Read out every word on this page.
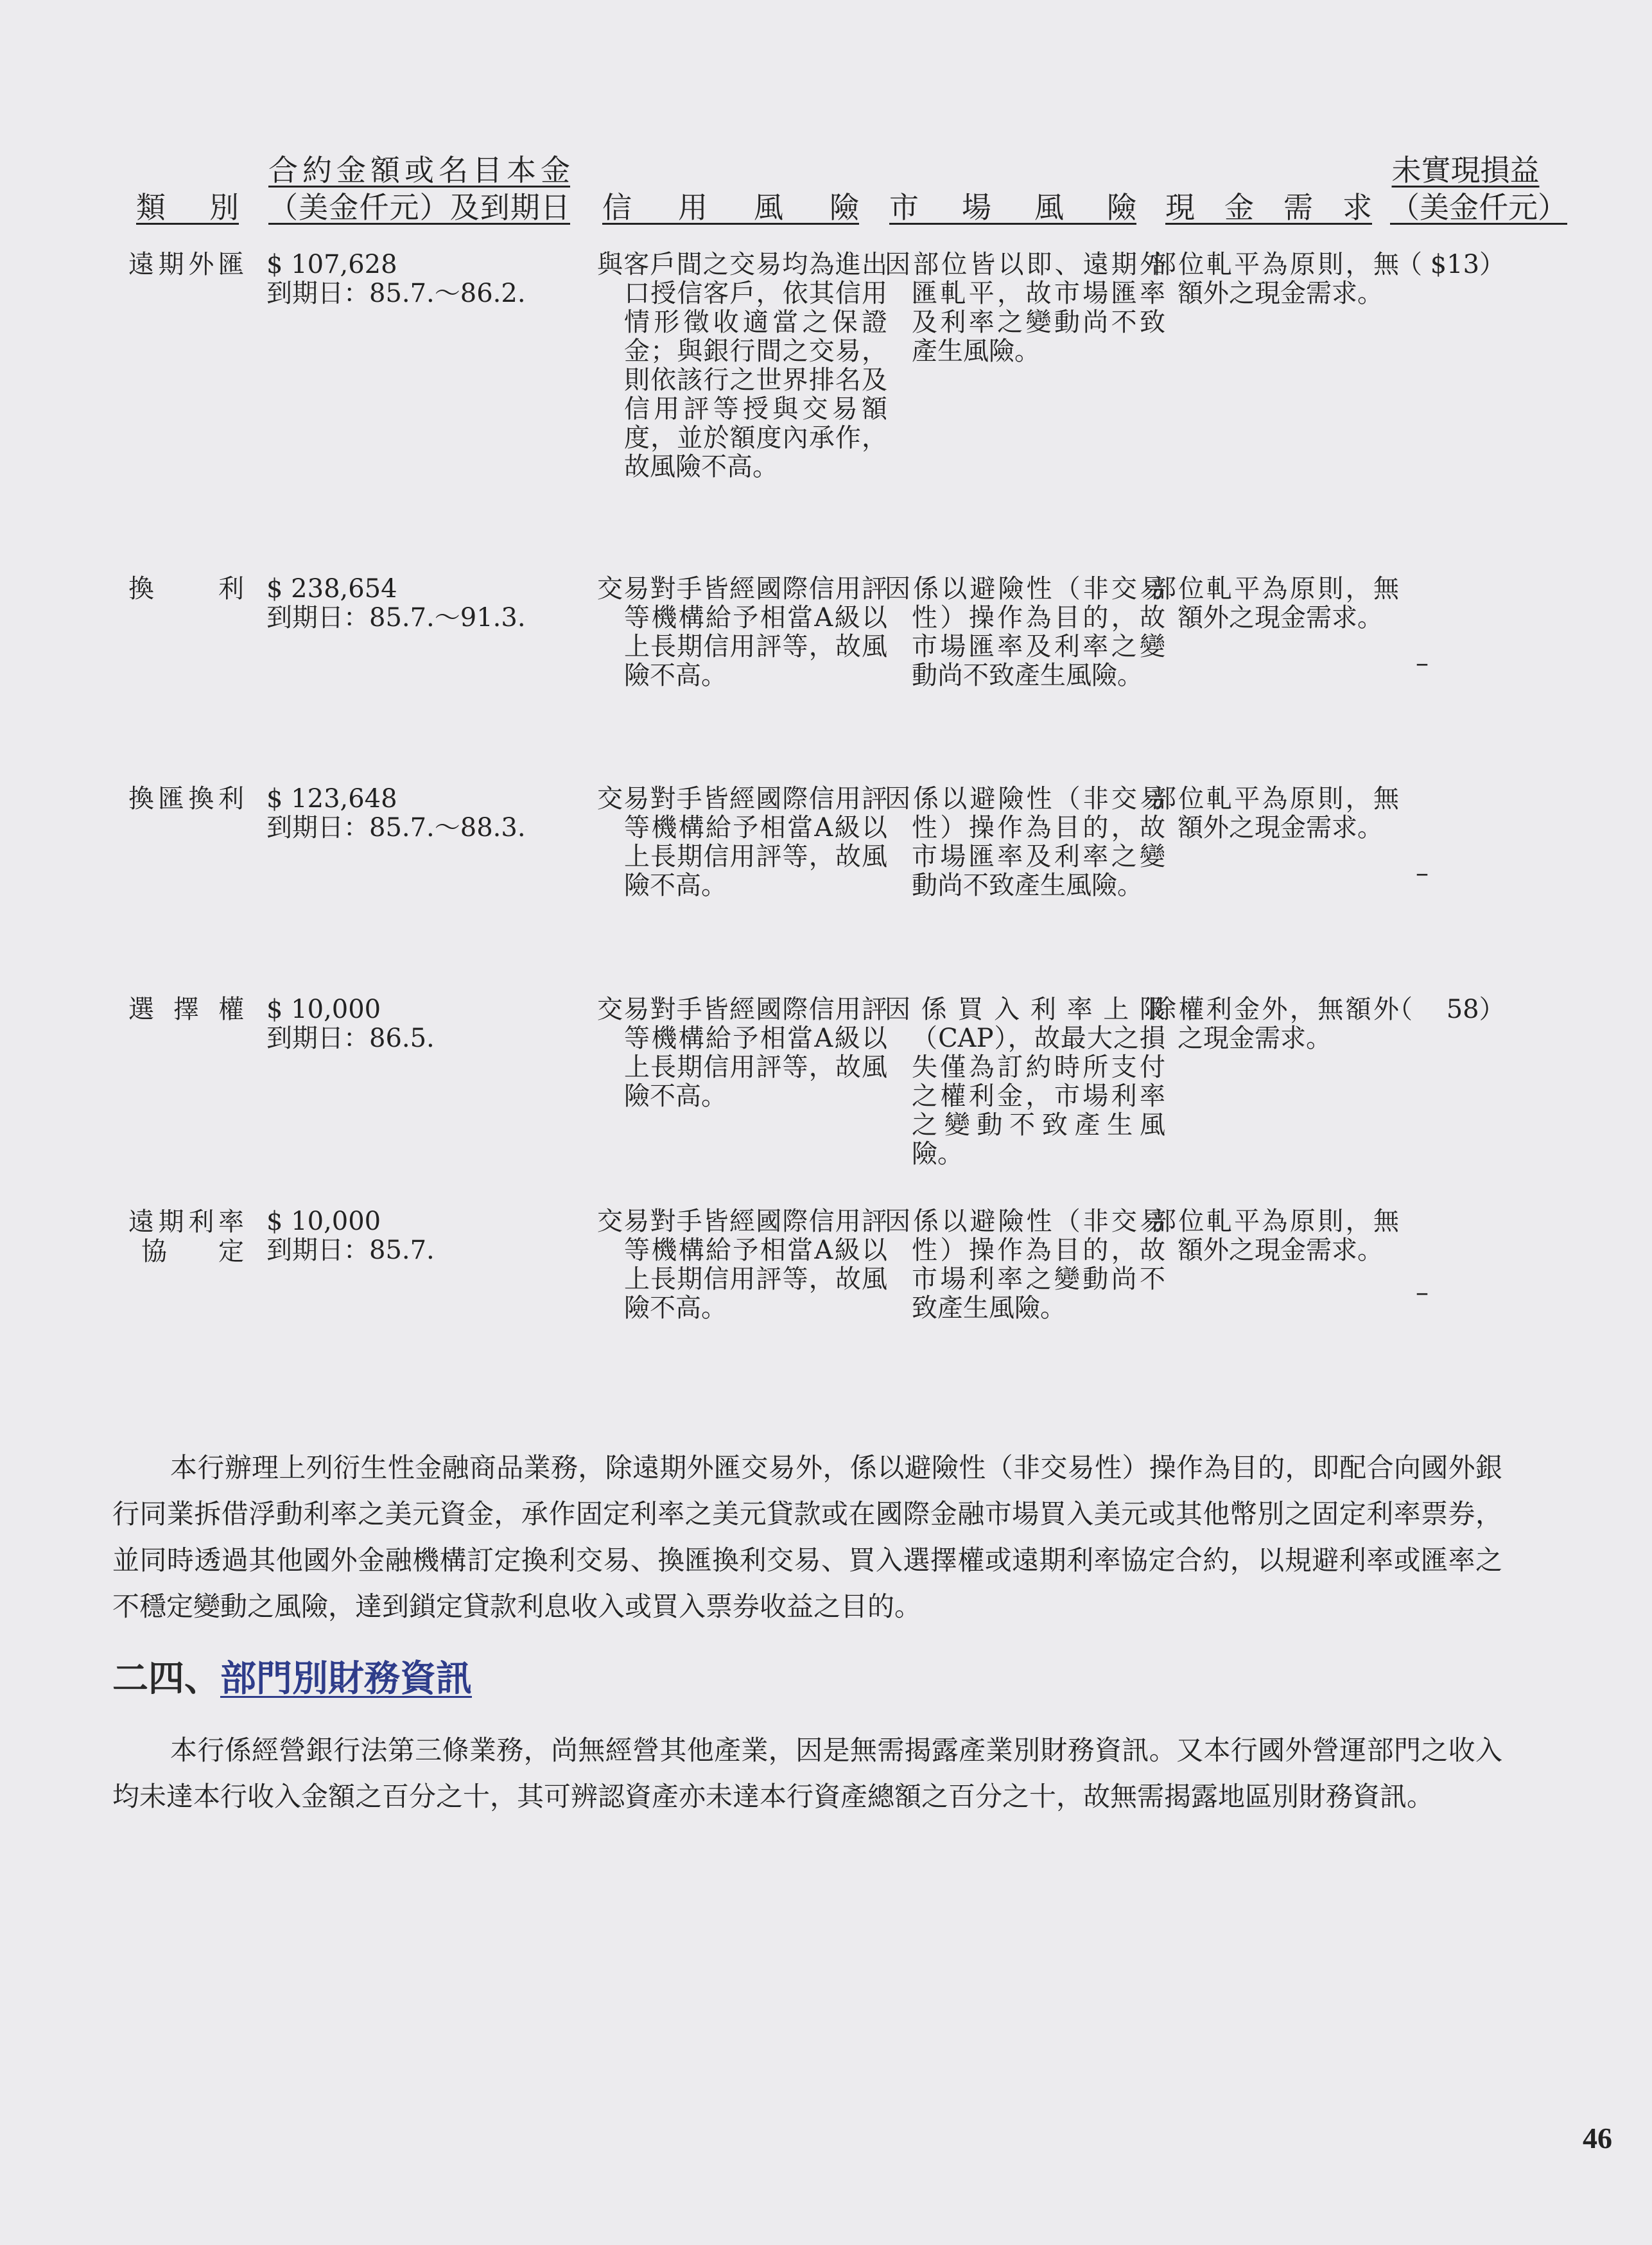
類　別
合約金額或名目本金
（美金仟元）及到期日 信　用　風　險 市　場　風　險 現　金　需　求
未實現損益
（美金仟元）
遠期外匯 $ 107,628
到期日：85.7.～86.2.
與客戶間之交易均為進出口授信客戶，依其信用情形徵收適當之保證金；與銀行間之交易，則依該行之世界排名及信用評等授與交易額度，並於額度內承作，故風險不高。
因部位皆以即、遠期外匯軋平，故市場匯率及利率之變動尚不致產生風險。
部位軋平為原則，無額外之現金需求。
（ $13）
換　　利 $ 238,654
到期日：85.7.～91.3.
交易對手皆經國際信用評等機構給予相當A級以上長期信用評等，故風險不高。
因係以避險性（非交易性）操作為目的，故市場匯率及利率之變動尚不致產生風險。
部位軋平為原則，無額外之現金需求。
–
換匯換利 $ 123,648
到期日：85.7.～88.3.
交易對手皆經國際信用評等機構給予相當A級以上長期信用評等，故風險不高。
因係以避險性（非交易性）操作為目的，故市場匯率及利率之變動尚不致產生風險。
部位軋平為原則，無額外之現金需求。
–
選擇權 $ 10,000
到期日：86.5.
交易對手皆經國際信用評等機構給予相當A級以上長期信用評等，故風險不高。
因係買入利率上限（CAP），故最大之損失僅為訂約時所支付之權利金，市場利率之變動不致產生風險。
除權利金外，無額外之現金需求。
（　 58）
遠期利率
協　定
$ 10,000
到期日：85.7.
交易對手皆經國際信用評等機構給予相當A級以上長期信用評等，故風險不高。
因係以避險性（非交易性）操作為目的，故市場利率之變動尚不致產生風險。
部位軋平為原則，無額外之現金需求。
–

本行辦理上列衍生性金融商品業務，除遠期外匯交易外，係以避險性（非交易性）操作為目的，即配合向國外銀行同業拆借浮動利率之美元資金，承作固定利率之美元貸款或在國際金融市場買入美元或其他幣別之固定利率票券，並同時透過其他國外金融機構訂定換利交易、換匯換利交易、買入選擇權或遠期利率協定合約，以規避利率或匯率之不穩定變動之風險，達到鎖定貸款利息收入或買入票券收益之目的。

二四、部門別財務資訊

本行係經營銀行法第三條業務，尚無經營其他產業，因是無需揭露產業別財務資訊。又本行國外營運部門之收入均未達本行收入金額之百分之十，其可辨認資產亦未達本行資產總額之百分之十，故無需揭露地區別財務資訊。

46
